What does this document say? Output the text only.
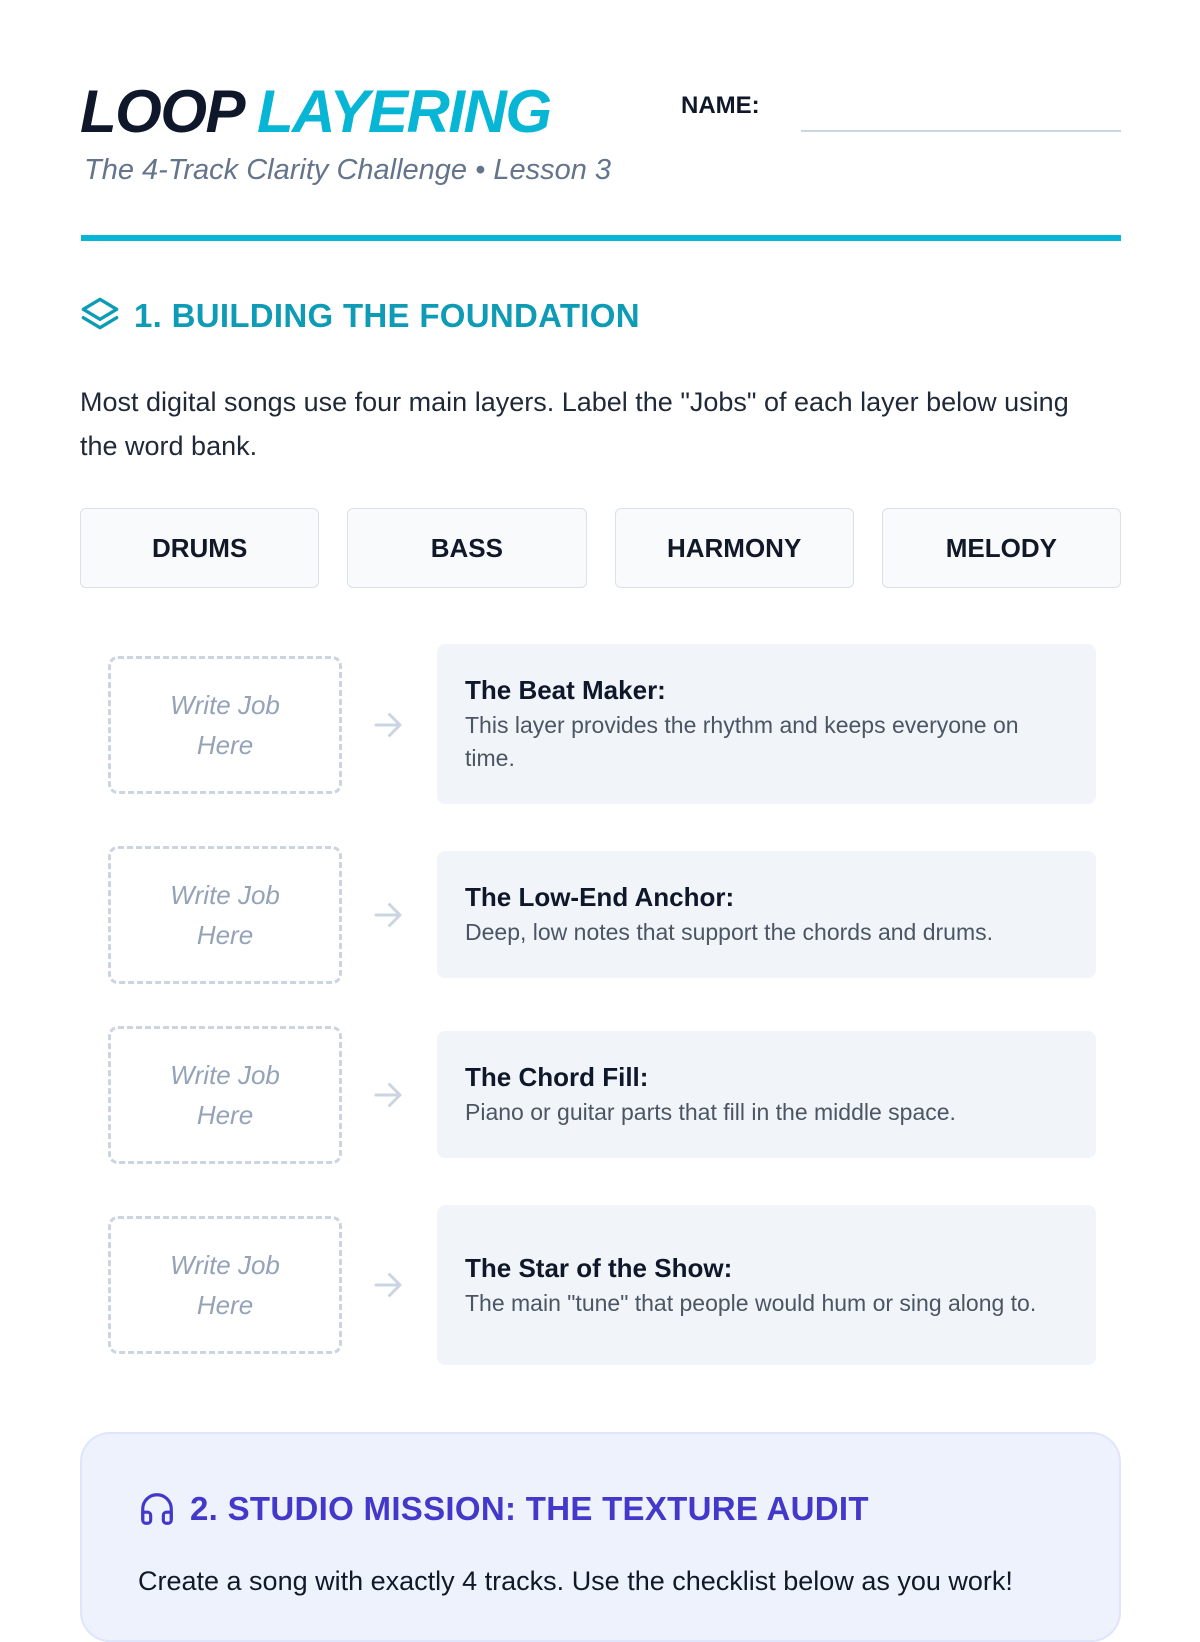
LOOP LAYERING

The 4-Track Clarity Challenge • Lesson 3

NAME:
1. BUILDING THE FOUNDATION

Most digital songs use four main layers. Label the "Jobs" of each layer below using the word bank.

DRUMS	BASS	HARMONY	MELODY
Write Job Here
The Beat Maker:
This layer provides the rhythm and keeps everyone on time.
Write Job Here
The Low-End Anchor:
Deep, low notes that support the chords and drums.
Write Job Here
The Chord Fill:
Piano or guitar parts that fill in the middle space.
Write Job Here
The Star of the Show:
The main "tune" that people would hum or sing along to.
2. STUDIO MISSION: THE TEXTURE AUDIT

Create a song with exactly 4 tracks. Use the checklist below as you work!
